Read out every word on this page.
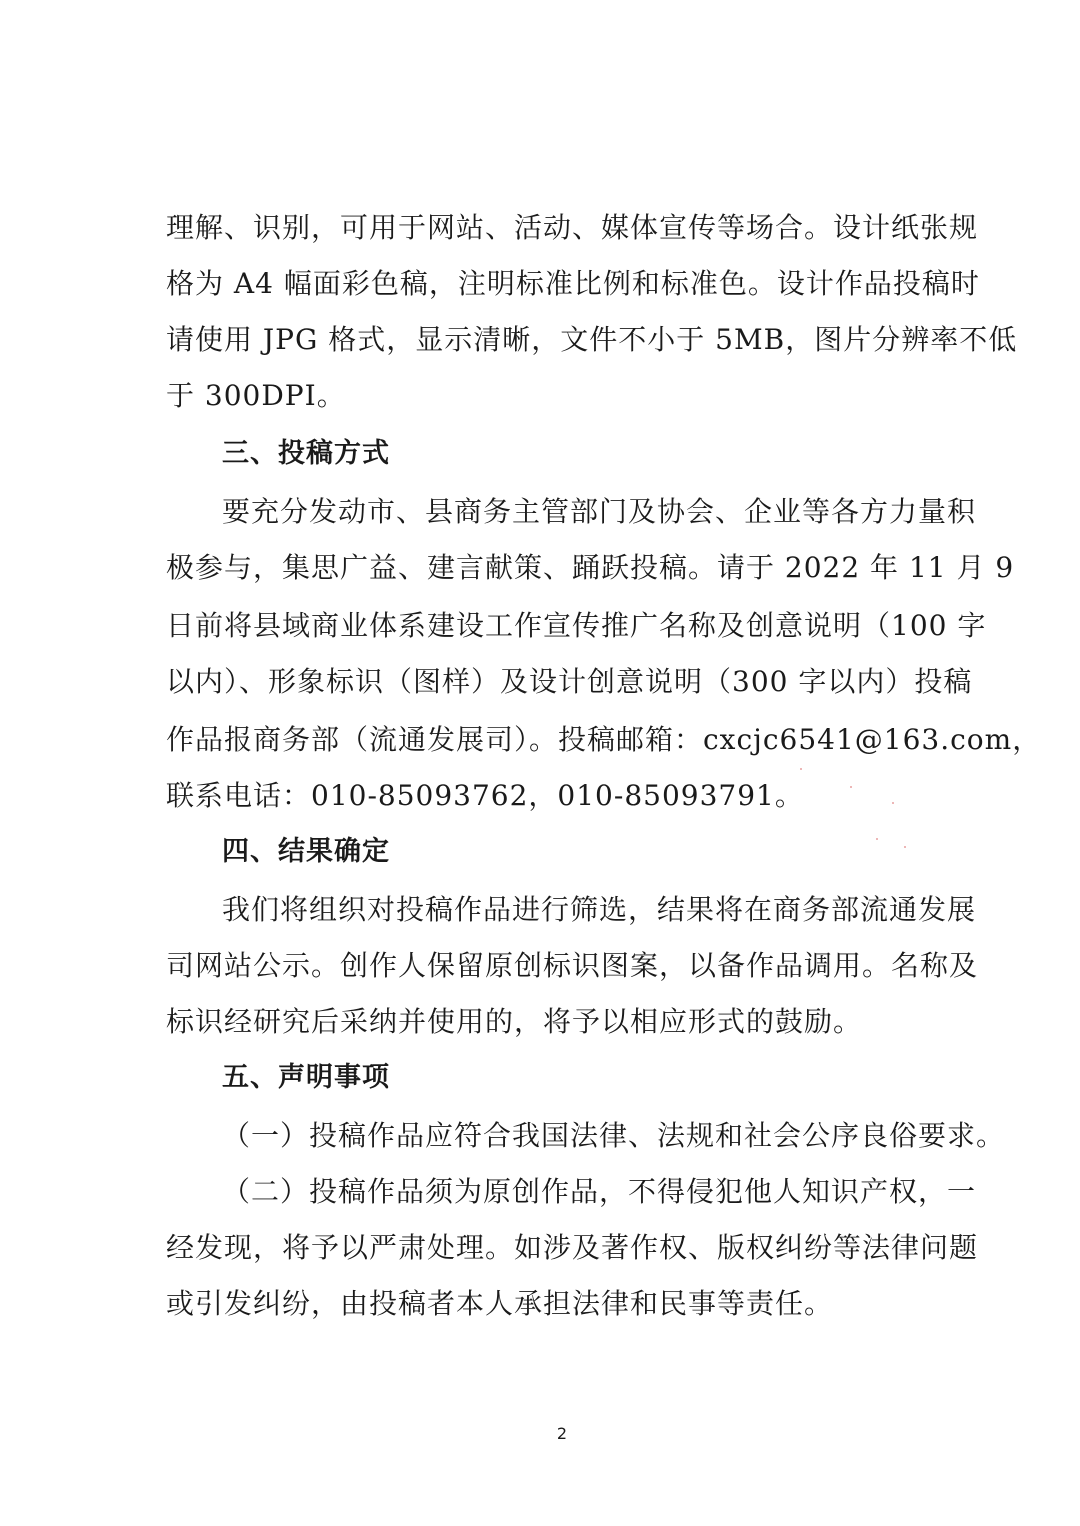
理解、识别，可用于网站、活动、媒体宣传等场合。设计纸张规
格为 A4 幅面彩色稿，注明标准比例和标准色。设计作品投稿时
请使用 JPG 格式，显示清晰，文件不小于 5MB，图片分辨率不低
于 300DPI。
三、投稿方式
要充分发动市、县商务主管部门及协会、企业等各方力量积
极参与，集思广益、建言献策、踊跃投稿。请于 2022 年 11 月 9
日前将县域商业体系建设工作宣传推广名称及创意说明（100 字
以内）、形象标识（图样）及设计创意说明（300 字以内）投稿
作品报商务部（流通发展司）。投稿邮箱：cxcjc6541@163.com，
联系电话：010-85093762，010-85093791。
四、结果确定
我们将组织对投稿作品进行筛选，结果将在商务部流通发展
司网站公示。创作人保留原创标识图案，以备作品调用。名称及
标识经研究后采纳并使用的，将予以相应形式的鼓励。
五、声明事项
（一）投稿作品应符合我国法律、法规和社会公序良俗要求。
（二）投稿作品须为原创作品，不得侵犯他人知识产权，一
经发现，将予以严肃处理。如涉及著作权、版权纠纷等法律问题
或引发纠纷，由投稿者本人承担法律和民事等责任。
2
